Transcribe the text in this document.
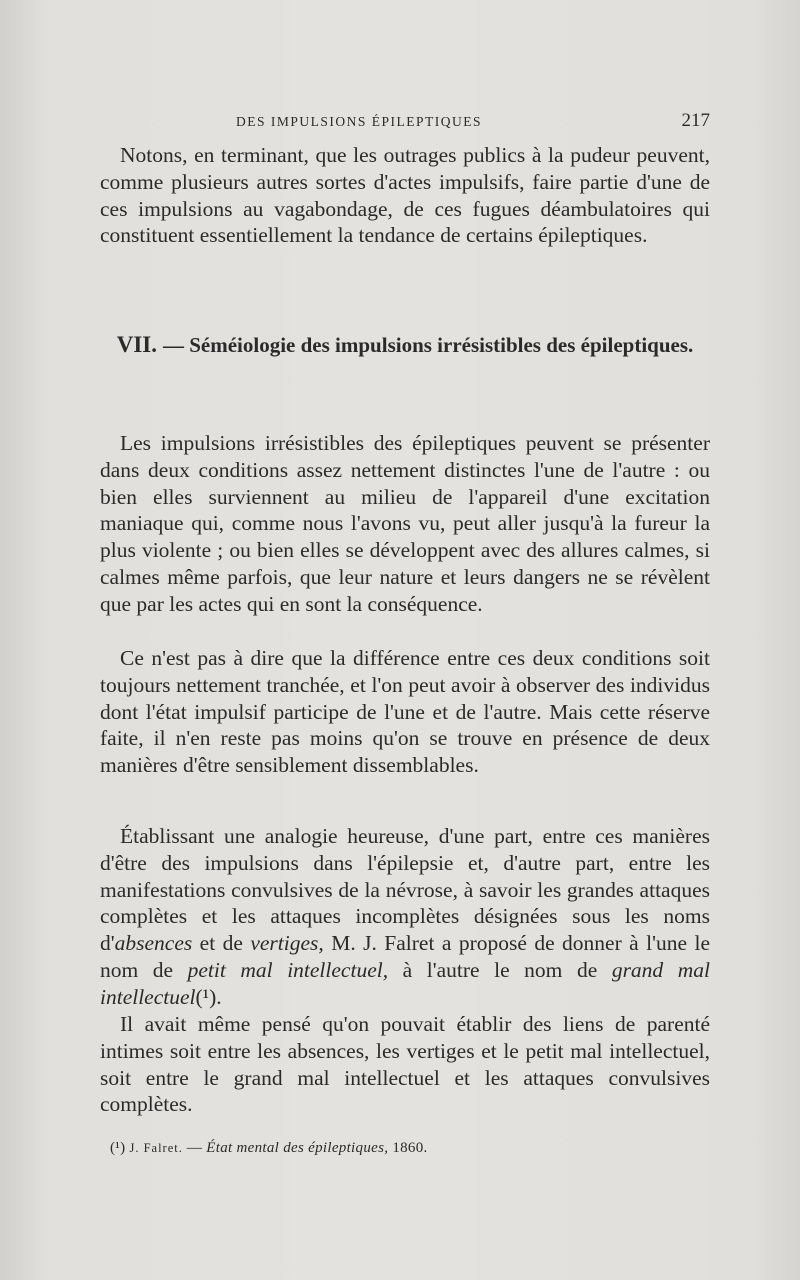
DES IMPULSIONS ÉPILEPTIQUES	217

Notons, en terminant, que les outrages publics à la pudeur peuvent, comme plusieurs autres sortes d'actes impulsifs, faire partie d'une de ces impulsions au vagabondage, de ces fugues déambulatoires qui constituent essentiellement la tendance de certains épileptiques.

VII. — Séméiologie des impulsions irrésistibles des épileptiques.

Les impulsions irrésistibles des épileptiques peuvent se présenter dans deux conditions assez nettement distinctes l'une de l'autre : ou bien elles surviennent au milieu de l'appareil d'une excitation maniaque qui, comme nous l'avons vu, peut aller jusqu'à la fureur la plus violente ; ou bien elles se développent avec des allures calmes, si calmes même parfois, que leur nature et leurs dangers ne se révèlent que par les actes qui en sont la conséquence.

Ce n'est pas à dire que la différence entre ces deux conditions soit toujours nettement tranchée, et l'on peut avoir à observer des individus dont l'état impulsif participe de l'une et de l'autre. Mais cette réserve faite, il n'en reste pas moins qu'on se trouve en présence de deux manières d'être sensiblement dissemblables.

Établissant une analogie heureuse, d'une part, entre ces manières d'être des impulsions dans l'épilepsie et, d'autre part, entre les manifestations convulsives de la névrose, à savoir les grandes attaques complètes et les attaques incomplètes désignées sous les noms d'absences et de vertiges, M. J. Falret a proposé de donner à l'une le nom de petit mal intellectuel, à l'autre le nom de grand mal intellectuel(¹).

Il avait même pensé qu'on pouvait établir des liens de parenté intimes soit entre les absences, les vertiges et le petit mal intellectuel, soit entre le grand mal intellectuel et les attaques convulsives complètes.

(¹) J. Falret. — État mental des épileptiques, 1860.
